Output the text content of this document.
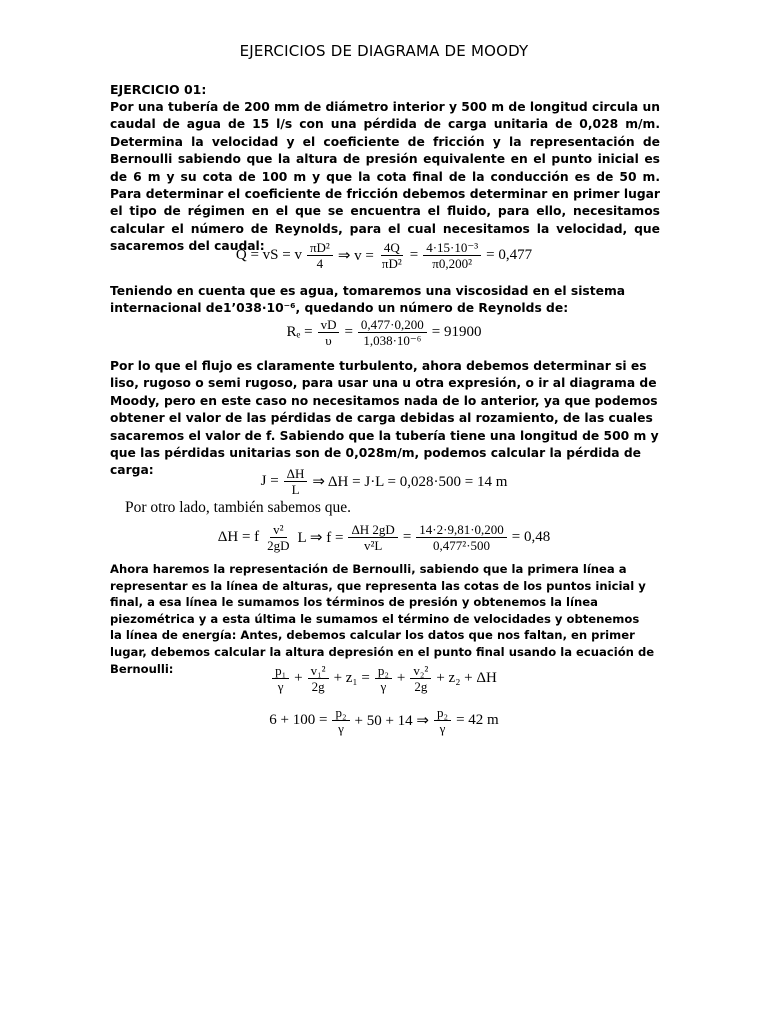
EJERCICIOS DE DIAGRAMA DE MOODY
EJERCICIO 01:

Por una tubería de 200 mm de diámetro interior y 500 m de longitud circula un caudal de agua de 15 l/s con una pérdida de carga unitaria de 0,028 m/m. Determina la velocidad y el coeficiente de fricción y la representación de Bernoulli sabiendo que la altura de presión equivalente en el punto inicial es de 6 m y su cota de 100 m y que la cota final de la conducción es de 50 m. Para determinar el coeficiente de fricción debemos determinar en primer lugar el tipo de régimen en el que se encuentra el fluido, para ello, necesitamos calcular el número de Reynolds, para el cual necesitamos la velocidad, que sacaremos del caudal:

Q = vS = v $\frac{\text{πD²}}{4}$ ⇒ $v = \frac{4Q}{\text{πD²}} = \frac{\text{4·15·10⁻³}}{\text{π0,200²}} = 0,477$

Teniendo en cuenta que es agua, tomaremos una viscosidad en el sistema internacional de1’038·10⁻⁶, quedando un número de Reynolds de:

$R_e = \frac{vD}{\upsilon} = \frac{0,477\cdot 0,200}{\text{1,038·10⁻⁶}} = 91900$

Por lo que el flujo es claramente turbulento, ahora debemos determinar si es liso, rugoso o semi rugoso, para usar una u otra expresión, o ir al diagrama de Moody, pero en este caso no necesitamos nada de lo anterior, ya que podemos obtener el valor de las pérdidas de carga debidas al rozamiento, de las cuales sacaremos el valor de f. Sabiendo que la tubería tiene una longitud de 500 m y que las pérdidas unitarias son de 0,028m/m, podemos calcular la pérdida de carga:

$J = \frac{\Delta H}{L}$ ⇒ ΔH = J·L = 0,028·500 = 14 m
Por otro lado, también sabemos que.
ΔH = f $\frac{\text{v²}}{2gD}$ L ⇒ $f = \frac{\Delta H 2gD}{\text{v²L}} = \frac{14\cdot 2\cdot 9,81\cdot 0,200}{\text{0,477²·500}} = 0,48$

Ahora haremos la representación de Bernoulli, sabiendo que la primera línea a representar es la línea de alturas, que representa las cotas de los puntos inicial y final, a esa línea le sumamos los términos de presión y obtenemos la línea piezométrica y a esta última le sumamos el término de velocidades y obtenemos la línea de energía: Antes, debemos calcular los datos que nos faltan, en primer lugar, debemos calcular la altura depresión en el punto final usando la ecuación de Bernoulli:	$\frac{\text{p₁}}{\gamma} + \frac{\text{v₁²}}{2g} + z_1 = \frac{\text{p₂}}{\gamma} + \frac{\text{v₂²}}{2g} + z_2 + \Delta H$
$6 + 100 = \frac{\text{p₂}}{\gamma} + 50 + 14$ ⇒ $\frac{\text{p₂}}{\gamma} = 42$ m
